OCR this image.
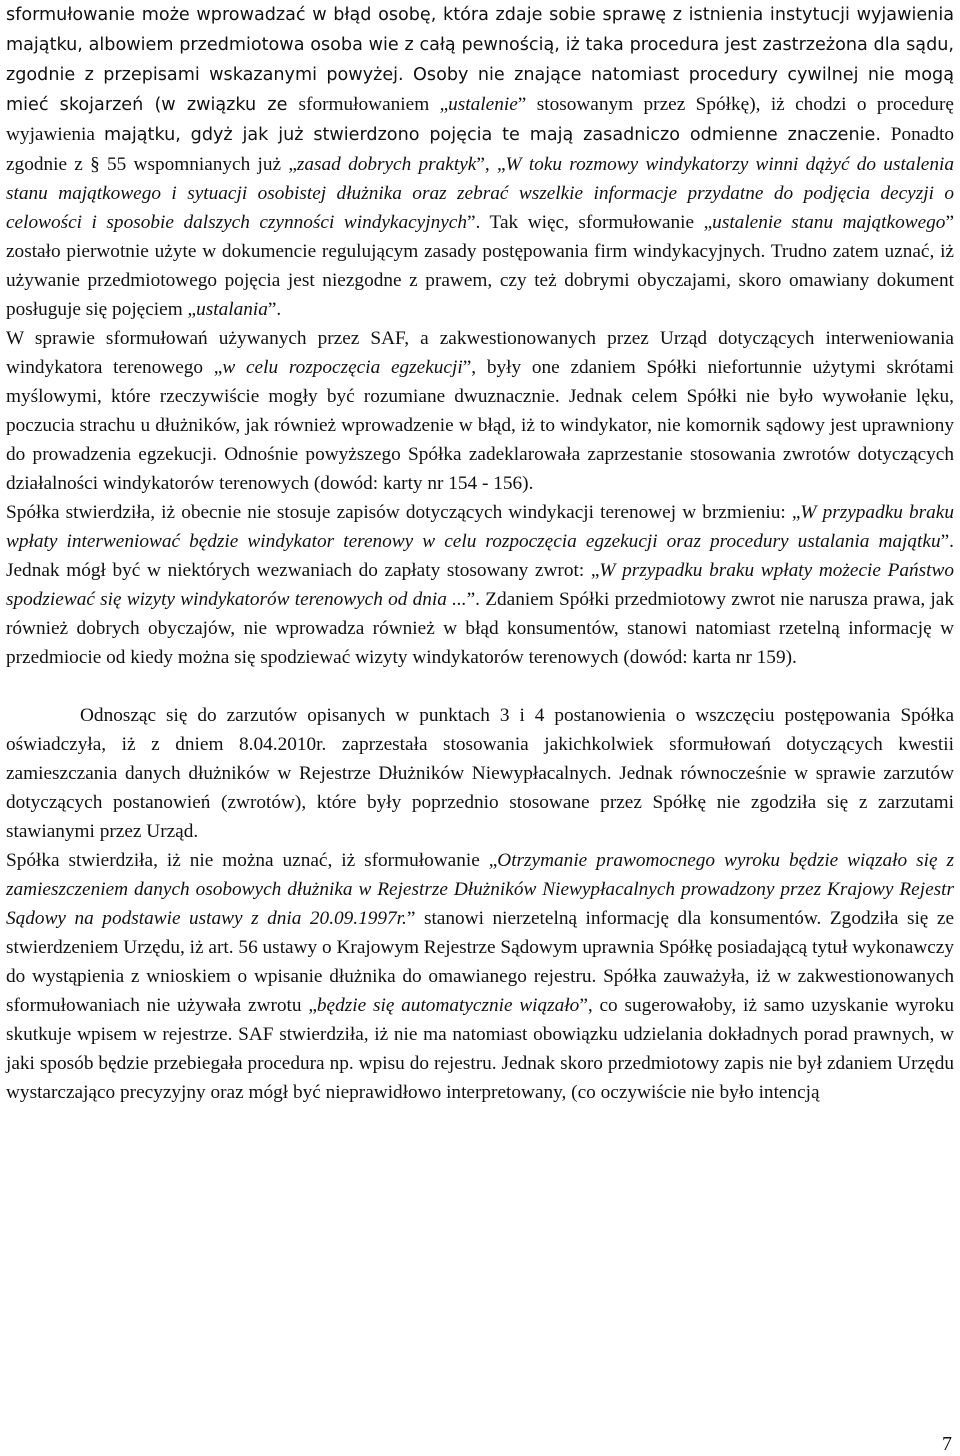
sformułowanie może wprowadzać w błąd osobę, która zdaje sobie sprawę z istnienia instytucji wyjawienia majątku, albowiem przedmiotowa osoba wie z całą pewnością, iż taka procedura jest zastrzeżona dla sądu, zgodnie z przepisami wskazanymi powyżej. Osoby nie znające natomiast procedury cywilnej nie mogą mieć skojarzeń (w związku ze sformułowaniem „ustalenie” stosowanym przez Spółkę), iż chodzi o procedurę wyjawienia majątku, gdyż jak już stwierdzono pojęcia te mają zasadniczo odmienne znaczenie. Ponadto zgodnie z § 55 wspomnianych już „zasad dobrych praktyk”, „W toku rozmowy windykatorzy winni dążyć do ustalenia stanu majątkowego i sytuacji osobistej dłużnika oraz zebrać wszelkie informacje przydatne do podjęcia decyzji o celowości i sposobie dalszych czynności windykacyjnych”. Tak więc, sformułowanie „ustalenie stanu majątkowego” zostało pierwotnie użyte w dokumencie regulującym zasady postępowania firm windykacyjnych. Trudno zatem uznać, iż używanie przedmiotowego pojęcia jest niezgodne z prawem, czy też dobrymi obyczajami, skoro omawiany dokument posługuje się pojęciem „ustalania”.

W sprawie sformułowań używanych przez SAF, a zakwestionowanych przez Urząd dotyczących interweniowania windykatora terenowego „w celu rozpoczęcia egzekucji”, były one zdaniem Spółki niefortunnie użytymi skrótami myślowymi, które rzeczywiście mogły być rozumiane dwuznacznie. Jednak celem Spółki nie było wywołanie lęku, poczucia strachu u dłużników, jak również wprowadzenie w błąd, iż to windykator, nie komornik sądowy jest uprawniony do prowadzenia egzekucji. Odnośnie powyższego Spółka zadeklarowała zaprzestanie stosowania zwrotów dotyczących działalności windykatorów terenowych (dowód: karty nr 154 - 156).

Spółka stwierdziła, iż obecnie nie stosuje zapisów dotyczących windykacji terenowej w brzmieniu: „W przypadku braku wpłaty interweniować będzie windykator terenowy w celu rozpoczęcia egzekucji oraz procedury ustalania majątku”. Jednak mógł być w niektórych wezwaniach do zapłaty stosowany zwrot: „W przypadku braku wpłaty możecie Państwo spodziewać się wizyty windykatorów terenowych od dnia ...”. Zdaniem Spółki przedmiotowy zwrot nie narusza prawa, jak również dobrych obyczajów, nie wprowadza również w błąd konsumentów, stanowi natomiast rzetelną informację w przedmiocie od kiedy można się spodziewać wizyty windykatorów terenowych (dowód: karta nr 159).

Odnosząc się do zarzutów opisanych w punktach 3 i 4 postanowienia o wszczęciu postępowania Spółka oświadczyła, iż z dniem 8.04.2010r. zaprzestała stosowania jakichkolwiek sformułowań dotyczących kwestii zamieszczania danych dłużników w Rejestrze Dłużników Niewypłacalnych. Jednak równocześnie w sprawie zarzutów dotyczących postanowień (zwrotów), które były poprzednio stosowane przez Spółkę nie zgodziła się z zarzutami stawianymi przez Urząd.

Spółka stwierdziła, iż nie można uznać, iż sformułowanie „Otrzymanie prawomocnego wyroku będzie wiązało się z zamieszczeniem danych osobowych dłużnika w Rejestrze Dłużników Niewypłacalnych prowadzony przez Krajowy Rejestr Sądowy na podstawie ustawy z dnia 20.09.1997r.” stanowi nierzetelną informację dla konsumentów. Zgodziła się ze stwierdzeniem Urzędu, iż art. 56 ustawy o Krajowym Rejestrze Sądowym uprawnia Spółkę posiadającą tytuł wykonawczy do wystąpienia z wnioskiem o wpisanie dłużnika do omawianego rejestru. Spółka zauważyła, iż w zakwestionowanych sformułowaniach nie używała zwrotu „będzie się automatycznie wiązało”, co sugerowałoby, iż samo uzyskanie wyroku skutkuje wpisem w rejestrze. SAF stwierdziła, iż nie ma natomiast obowiązku udzielania dokładnych porad prawnych, w jaki sposób będzie przebiegała procedura np. wpisu do rejestru. Jednak skoro przedmiotowy zapis nie był zdaniem Urzędu wystarczająco precyzyjny oraz mógł być nieprawidłowo interpretowany, (co oczywiście nie było intencją

7
